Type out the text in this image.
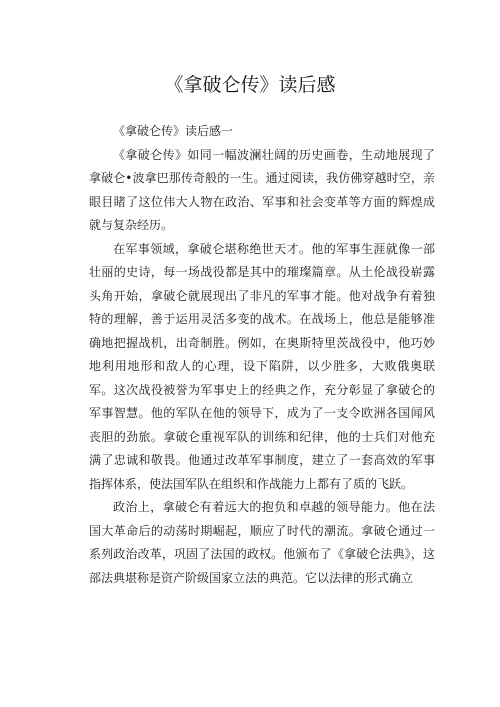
《拿破仑传》读后感

《拿破仑传》读后感一

《拿破仑传》如同一幅波澜壮阔的历史画卷，生动地展现了拿破仑•波拿巴那传奇般的一生。通过阅读，我仿佛穿越时空，亲眼目睹了这位伟大人物在政治、军事和社会变革等方面的辉煌成就与复杂经历。

在军事领域，拿破仑堪称绝世天才。他的军事生涯就像一部壮丽的史诗，每一场战役都是其中的璀璨篇章。从土伦战役崭露头角开始，拿破仑就展现出了非凡的军事才能。他对战争有着独特的理解，善于运用灵活多变的战术。在战场上，他总是能够准确地把握战机，出奇制胜。例如，在奥斯特里茨战役中，他巧妙地利用地形和敌人的心理，设下陷阱，以少胜多，大败俄奥联军。这次战役被誉为军事史上的经典之作，充分彰显了拿破仑的军事智慧。他的军队在他的领导下，成为了一支令欧洲各国闻风丧胆的劲旅。拿破仑重视军队的训练和纪律，他的士兵们对他充满了忠诚和敬畏。他通过改革军事制度，建立了一套高效的军事指挥体系，使法国军队在组织和作战能力上都有了质的飞跃。

政治上，拿破仑有着远大的抱负和卓越的领导能力。他在法国大革命后的动荡时期崛起，顺应了时代的潮流。拿破仑通过一系列政治改革，巩固了法国的政权。他颁布了《拿破仑法典》，这部法典堪称是资产阶级国家立法的典范。它以法律的形式确立
